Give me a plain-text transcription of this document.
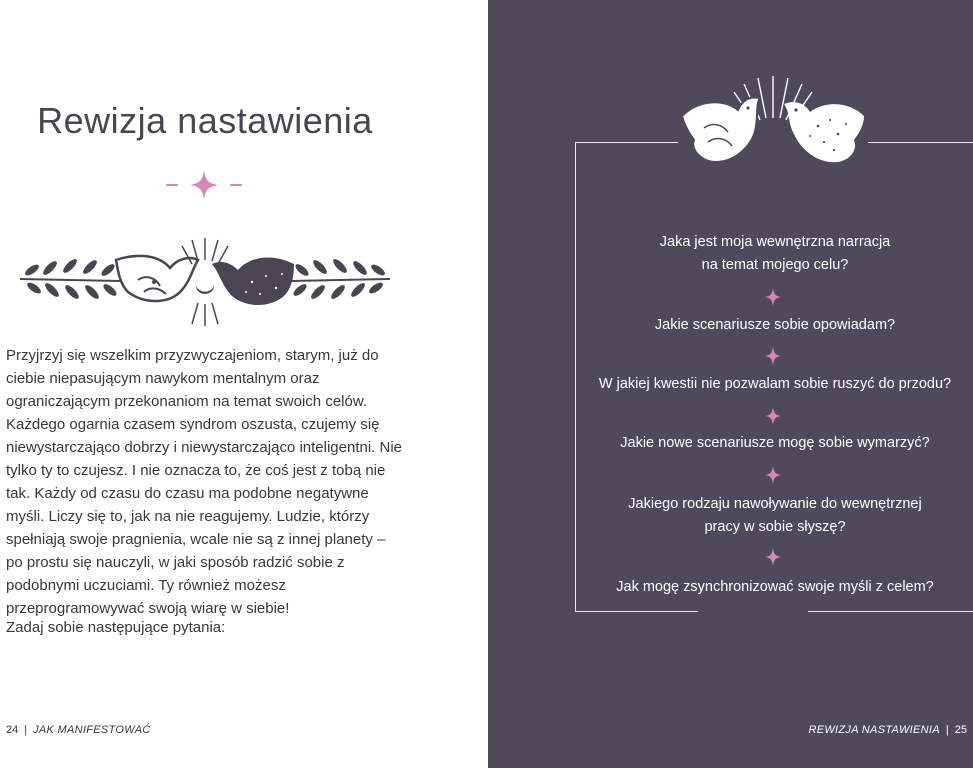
Rewizja nastawienia

Przyjrzyj się wszelkim przyzwyczajeniom, starym, już do ciebie niepasującym nawykom mentalnym oraz ograniczającym przekonaniom na temat swoich celów. Każdego ogarnia czasem syndrom oszusta, czujemy się niewystarczająco dobrzy i niewystarczająco inteligentni. Nie tylko ty to czujesz. I nie oznacza to, że coś jest z tobą nie tak. Każdy od czasu do czasu ma podobne negatywne myśli. Liczy się to, jak na nie reagujemy. Ludzie, którzy spełniają swoje pragnienia, wcale nie są z innej planety – po prostu się nauczyli, w jaki sposób radzić sobie z podobnymi uczuciami. Ty również możesz przeprogramowywać swoją wiarę w siebie!

Zadaj sobie następujące pytania:

24 | JAK MANIFESTOWAĆ

Jaka jest moja wewnętrzna narracja na temat mojego celu?

Jakie scenariusze sobie opowiadam?

W jakiej kwestii nie pozwalam sobie ruszyć do przodu?

Jakie nowe scenariusze mogę sobie wymarzyć?

Jakiego rodzaju nawoływanie do wewnętrznej pracy w sobie słyszę?

Jak mogę zsynchronizować swoje myśli z celem?

REWIZJA NASTAWIENIA | 25
